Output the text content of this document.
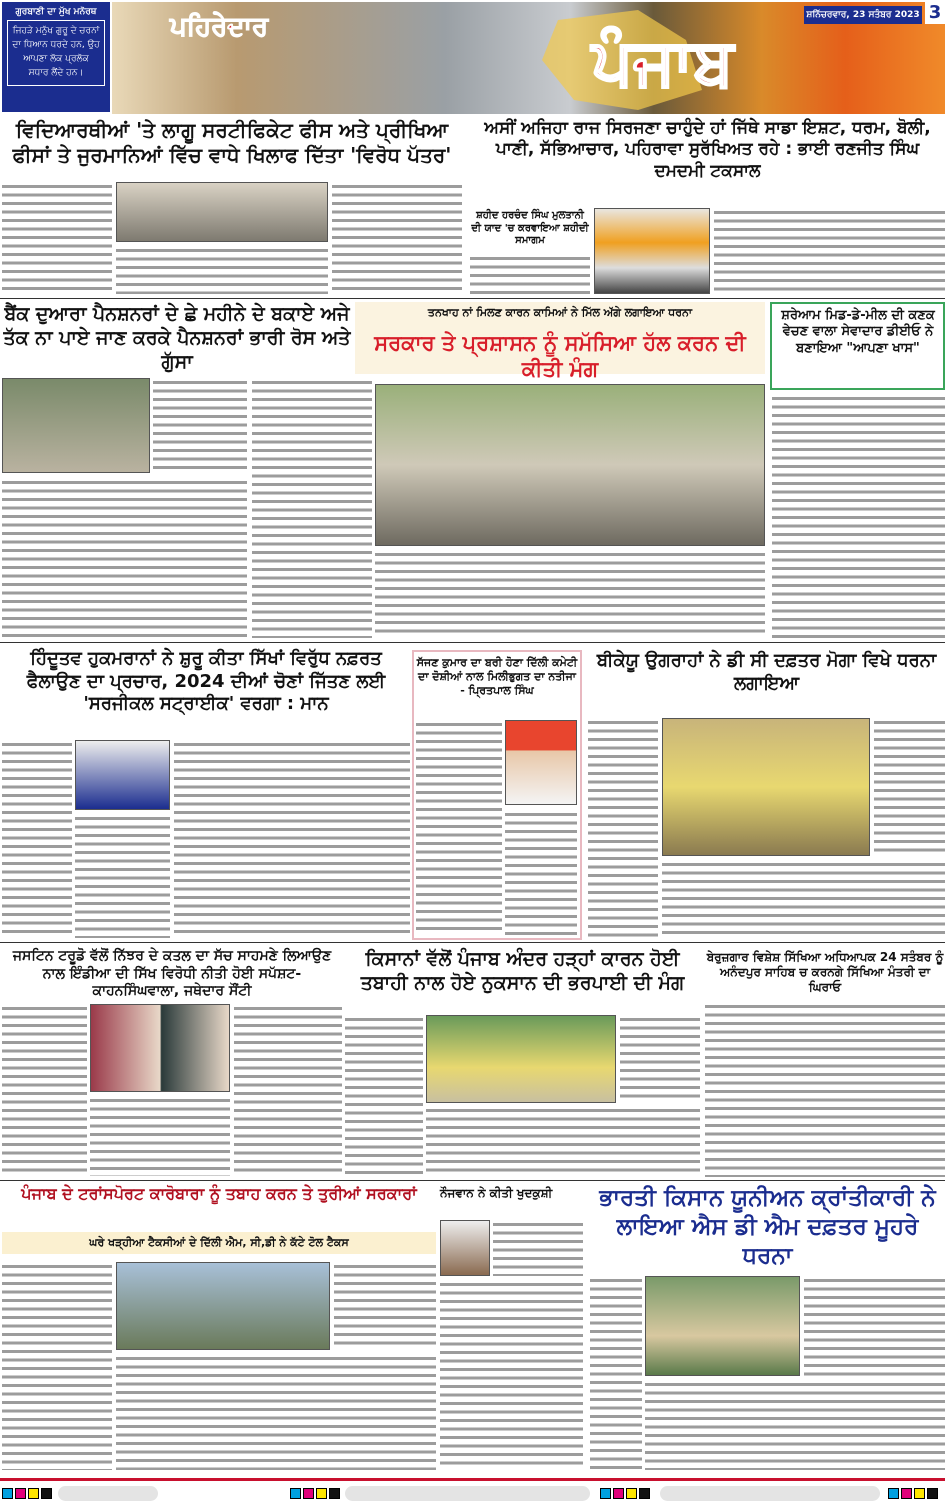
ਗੁਰਬਾਣੀ ਦਾ ਮੁੱਖ ਮਨੋਰਥ
ਜਿਹੜੇ ਮਨੁੱਖ ਗੁਰੂ ਦੇ ਚਰਨਾਂ ਦਾ ਧਿਆਨ ਧਰਦੇ ਹਨ, ਉਹ ਆਪਣਾ ਲੋਕ ਪ੍ਰਲੋਕ ਸਧਾਰ ਲੈਂਦੇ ਹਨ।
ਪਹਿਰੇਦਾਰ	ਪੰਜਾਬ
ਸ਼ਨਿੱਚਰਵਾਰ, 23 ਸਤੰਬਰ 2023 3
ਵਿਦਿਆਰਥੀਆਂ 'ਤੇ ਲਾਗੂ ਸਰਟੀਫਿਕੇਟ ਫੀਸ ਅਤੇ ਪ੍ਰੀਖਿਆ ਫੀਸਾਂ ਤੇ ਜੁਰਮਾਨਿਆਂ ਵਿੱਚ ਵਾਧੇ ਖਿਲਾਫ ਦਿੱਤਾ 'ਵਿਰੋਧ ਪੱਤਰ'
ਅਸੀਂ ਅਜਿਹਾ ਰਾਜ ਸਿਰਜਣਾ ਚਾਹੁੰਦੇ ਹਾਂ ਜਿੱਥੇ ਸਾਡਾ ਇਸ਼ਟ, ਧਰਮ, ਬੋਲੀ, ਪਾਣੀ, ਸੱਭਿਆਚਾਰ, ਪਹਿਰਾਵਾ ਸੁਰੱਖਿਅਤ ਰਹੇ : ਭਾਈ ਰਣਜੀਤ ਸਿੰਘ ਦਮਦਮੀ ਟਕਸਾਲ
ਸ਼ਹੀਦ ਹਰਚੰਦ ਸਿੰਘ ਮੁਲਤਾਨੀ ਦੀ ਯਾਦ 'ਚ ਕਰਵਾਇਆ ਸ਼ਹੀਦੀ ਸਮਾਗਮ
ਬੈਂਕ ਦੁਆਰਾ ਪੈਨਸ਼ਨਰਾਂ ਦੇ ਛੇ ਮਹੀਨੇ ਦੇ ਬਕਾਏ ਅਜੇ ਤੱਕ ਨਾ ਪਾਏ ਜਾਣ ਕਰਕੇ ਪੈਨਸ਼ਨਰਾਂ ਭਾਰੀ ਰੋਸ ਅਤੇ ਗੁੱਸਾ
ਤਨਖਾਹ ਨਾਂ ਮਿਲਣ ਕਾਰਨ ਕਾਮਿਆਂ ਨੇ ਮਿੱਲ ਅੱਗੇ ਲਗਾਇਆ ਧਰਨਾ
ਸਰਕਾਰ ਤੇ ਪ੍ਰਸ਼ਾਸਨ ਨੂੰ ਸਮੱਸਿਆ ਹੱਲ ਕਰਨ ਦੀ ਕੀਤੀ ਮੰਗ
ਸ਼ਰੇਆਮ ਮਿਡ-ਡੇ-ਮੀਲ ਦੀ ਕਣਕ ਵੇਚਣ ਵਾਲਾ ਸੇਵਾਦਾਰ ਡੀਈਓ ਨੇ ਬਣਾਇਆ "ਆਪਣਾ ਖਾਸ"
ਹਿੰਦੂਤਵ ਹੁਕਮਰਾਨਾਂ ਨੇ ਸ਼ੁਰੂ ਕੀਤਾ ਸਿੱਖਾਂ ਵਿਰੁੱਧ ਨਫ਼ਰਤ ਫੈਲਾਉਣ ਦਾ ਪ੍ਰਚਾਰ, 2024 ਦੀਆਂ ਚੋਣਾਂ ਜਿੱਤਣ ਲਈ 'ਸਰਜੀਕਲ ਸਟ੍ਰਾਈਕ' ਵਰਗਾ : ਮਾਨ
ਸੱਜਣ ਕੁਮਾਰ ਦਾ ਬਰੀ ਹੋਣਾ ਦਿੱਲੀ ਕਮੇਟੀ ਦਾ ਦੋਸ਼ੀਆਂ ਨਾਲ ਮਿਲੀਭੁਗਤ ਦਾ ਨਤੀਜਾ - ਪ੍ਰਿਤਪਾਲ ਸਿੰਘ
ਬੀਕੇਯੂ ਉਗਰਾਹਾਂ ਨੇ ਡੀ ਸੀ ਦਫ਼ਤਰ ਮੋਗਾ ਵਿਖੇ ਧਰਨਾ ਲਗਾਇਆ
ਜਸਟਿਨ ਟਰੂਡੋ ਵੱਲੋਂ ਨਿੱਝਰ ਦੇ ਕਤਲ ਦਾ ਸੱਚ ਸਾਹਮਣੇ ਲਿਆਉਣ ਨਾਲ ਇੰਡੀਆ ਦੀ ਸਿੱਖ ਵਿਰੋਧੀ ਨੀਤੀ ਹੋਈ ਸਪੱਸ਼ਟ-ਕਾਹਨਸਿੰਘਵਾਲਾ, ਜਥੇਦਾਰ ਸੌਂਟੀ
ਕਿਸਾਨਾਂ ਵੱਲੋਂ ਪੰਜਾਬ ਅੰਦਰ ਹੜ੍ਹਾਂ ਕਾਰਨ ਹੋਈ ਤਬਾਹੀ ਨਾਲ ਹੋਏ ਨੁਕਸਾਨ ਦੀ ਭਰਪਾਈ ਦੀ ਮੰਗ
ਬੇਰੁਜ਼ਗਾਰ ਵਿਸ਼ੇਸ਼ ਸਿੱਖਿਆ ਅਧਿਆਪਕ 24 ਸਤੰਬਰ ਨੂੰ ਅਨੰਦਪੁਰ ਸਾਹਿਬ ਚ ਕਰਨਗੇ ਸਿੱਖਿਆ ਮੰਤਰੀ ਦਾ ਘਿਰਾਓ
ਪੰਜਾਬ ਦੇ ਟਰਾਂਸਪੋਰਟ ਕਾਰੋਬਾਰਾ ਨੂੰ ਤਬਾਹ ਕਰਨ ਤੇ ਤੁਰੀਆਂ ਸਰਕਾਰਾਂ
ਘਰੇ ਖੜ੍ਹੀਆ ਟੈਕਸੀਆਂ ਦੇ ਦਿੱਲੀ ਐਮ, ਸੀ,ਡੀ ਨੇ ਕੱਟੇ ਟੋਲ ਟੈਕਸ
ਨੌਜਵਾਨ ਨੇ ਕੀਤੀ ਖੁਦਕੁਸ਼ੀ	ਭਾਰਤੀ ਕਿਸਾਨ ਯੂਨੀਅਨ ਕ੍ਰਾਂਤੀਕਾਰੀ ਨੇ ਲਾਇਆ ਐਸ ਡੀ ਐਮ ਦਫ਼ਤਰ ਮੂਹਰੇ ਧਰਨਾ
